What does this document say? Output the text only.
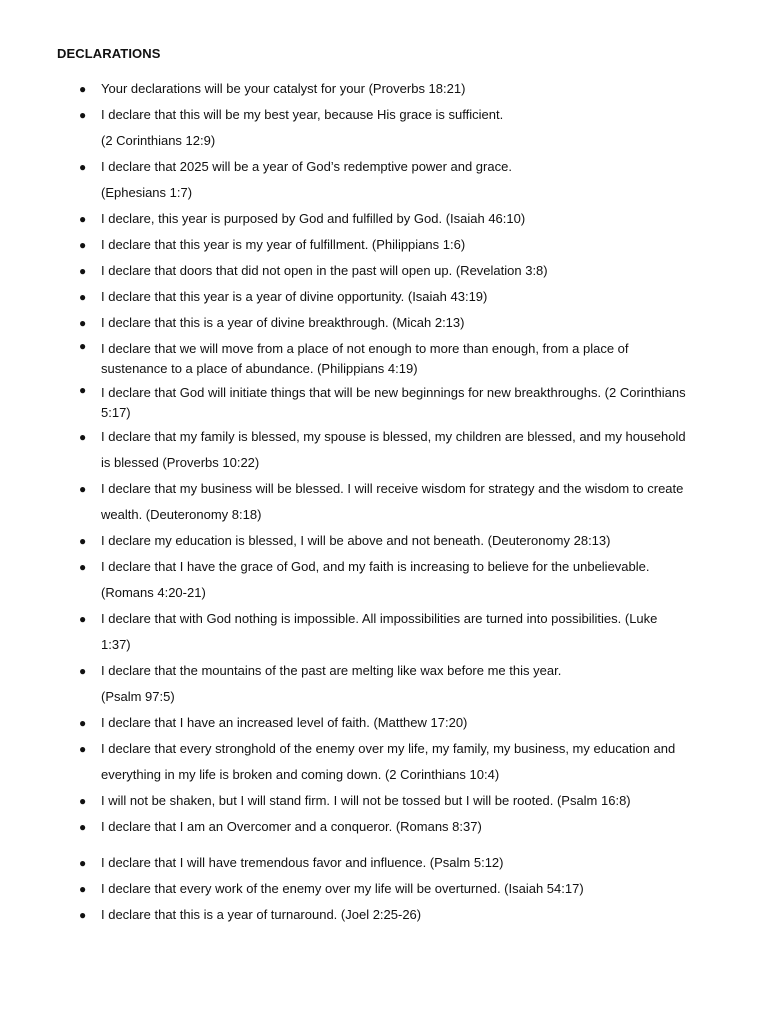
DECLARATIONS
● Your declarations will be your catalyst for your (Proverbs 18:21)
● I declare that this will be my best year, because His grace is sufficient.
(2 Corinthians 12:9)
● I declare that 2025 will be a year of God’s redemptive power and grace.
(Ephesians 1:7)
● I declare, this year is purposed by God and fulfilled by God. (Isaiah 46:10)
● I declare that this year is my year of fulfillment. (Philippians 1:6)
● I declare that doors that did not open in the past will open up. (Revelation 3:8)
● I declare that this year is a year of divine opportunity. (Isaiah 43:19)
● I declare that this is a year of divine breakthrough. (Micah 2:13)
● I declare that we will move from a place of not enough to more than enough, from a place of
sustenance to a place of abundance. (Philippians 4:19)
● I declare that God will initiate things that will be new beginnings for new breakthroughs. (2 Corinthians
5:17)
● I declare that my family is blessed, my spouse is blessed, my children are blessed, and my household
is blessed (Proverbs 10:22)
● I declare that my business will be blessed. I will receive wisdom for strategy and the wisdom to create
wealth. (Deuteronomy 8:18)
● I declare my education is blessed, I will be above and not beneath. (Deuteronomy 28:13)
● I declare that I have the grace of God, and my faith is increasing to believe for the unbelievable.
(Romans 4:20-21)
● I declare that with God nothing is impossible. All impossibilities are turned into possibilities. (Luke
1:37)
● I declare that the mountains of the past are melting like wax before me this year.
(Psalm 97:5)
● I declare that I have an increased level of faith. (Matthew 17:20)
● I declare that every stronghold of the enemy over my life, my family, my business, my education and
everything in my life is broken and coming down. (2 Corinthians 10:4)
● I will not be shaken, but I will stand firm. I will not be tossed but I will be rooted. (Psalm 16:8)
● I declare that I am an Overcomer and a conqueror. (Romans 8:37)
● I declare that I will have tremendous favor and influence. (Psalm 5:12)
● I declare that every work of the enemy over my life will be overturned. (Isaiah 54:17)
● I declare that this is a year of turnaround. (Joel 2:25-26)
